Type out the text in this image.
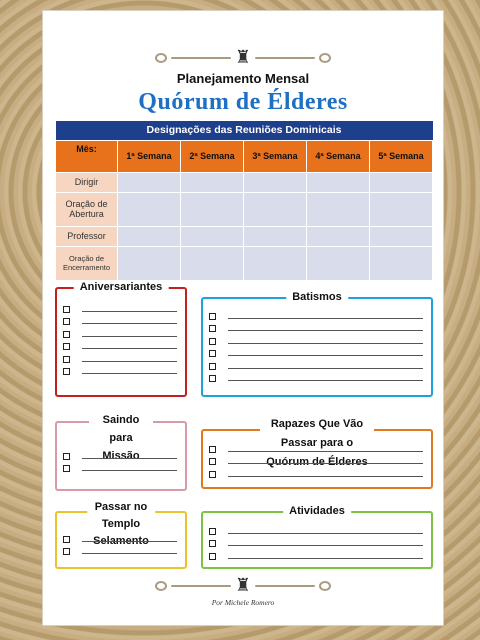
♜
Planejamento Mensal
Quórum de Élderes
Designações das Reuniões Dominicais					
Mês:	1ª Semana	2ª Semana	3ª Semana	4ª Semana	5ª Semana
Dirigir					
Oração de Abertura					
Professor					
Oração de Encerramento					
Aniversariantes
Batismos
Saindo para
Missão
Rapazes Que Vão Passar para o
Quórum de Élderes
Passar no Templo
Selamento
Atividades
♜
Por Michele Romero
